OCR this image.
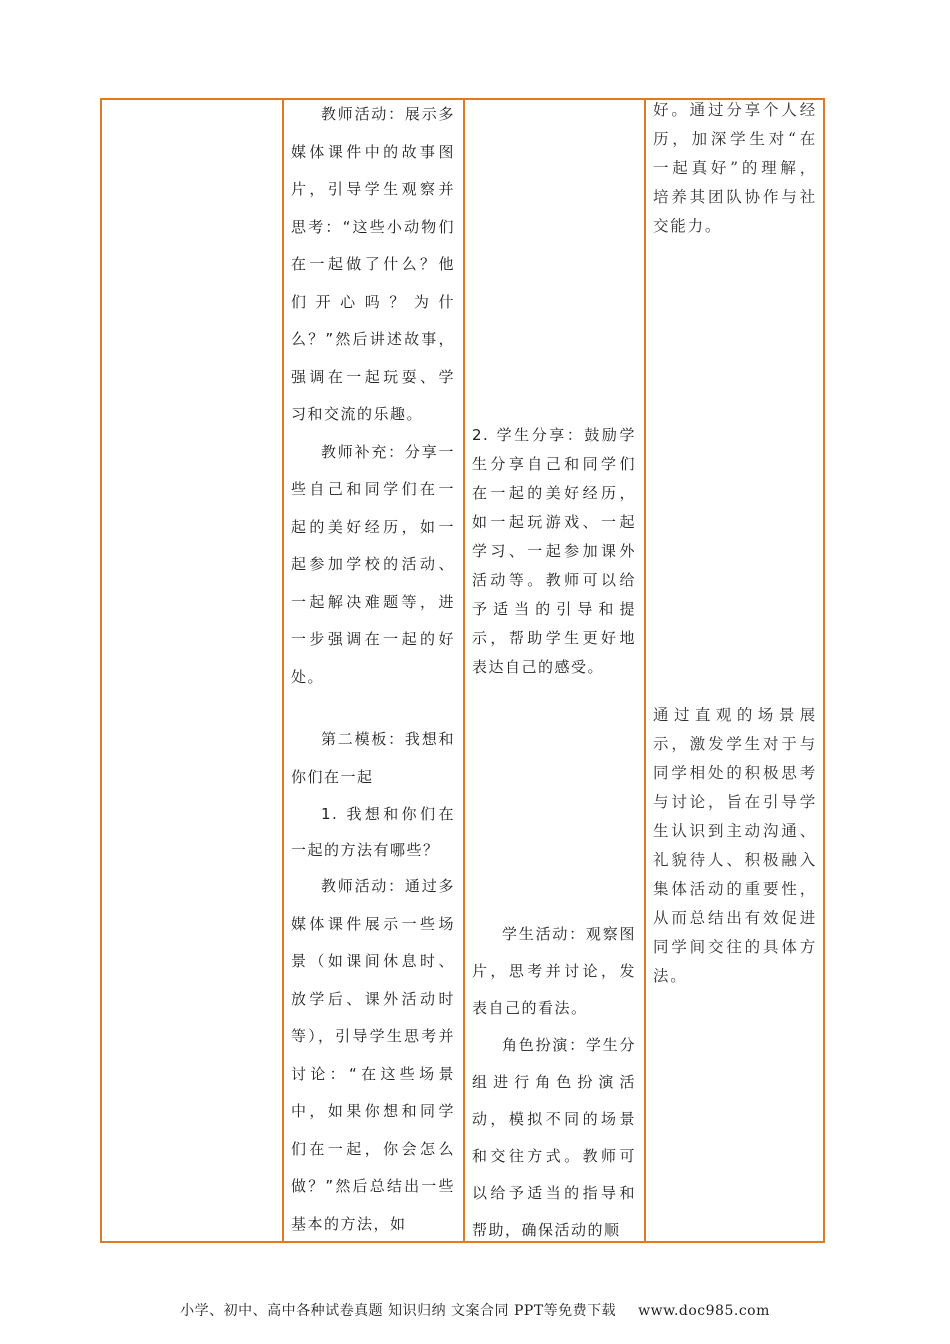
教师活动：展示多媒体课件中的故事图片，引导学生观察并思考：“这些小动物们在一起做了什么？他们开心吗？为什么？”然后讲述故事，强调在一起玩耍、学习和交流的乐趣。

教师补充：分享一些自己和同学们在一起的美好经历，如一起参加学校的活动、一起解决难题等，进一步强调在一起的好处。

第二模板：我想和你们在一起

1. 我想和你们在一起的方法有哪些？

教师活动：通过多媒体课件展示一些场景（如课间休息时、放学后、课外活动时等），引导学生思考并讨论：“在这些场景中，如果你想和同学们在一起，你会怎么做？”然后总结出一些基本的方法，如

2. 学生分享：鼓励学生分享自己和同学们在一起的美好经历，如一起玩游戏、一起学习、一起参加课外活动等。教师可以给予适当的引导和提示，帮助学生更好地表达自己的感受。

学生活动：观察图片，思考并讨论，发表自己的看法。

角色扮演：学生分组进行角色扮演活动，模拟不同的场景和交往方式。教师可以给予适当的指导和帮助，确保活动的顺

好。通过分享个人经历，加深学生对“在一起真好”的理解，培养其团队协作与社交能力。

通过直观的场景展示，激发学生对于与同学相处的积极思考与讨论，旨在引导学生认识到主动沟通、礼貌待人、积极融入集体活动的重要性，从而总结出有效促进同学间交往的具体方法。

小学、初中、高中各种试卷真题 知识归纳 文案合同 PPT等免费下载 www.doc985.com
